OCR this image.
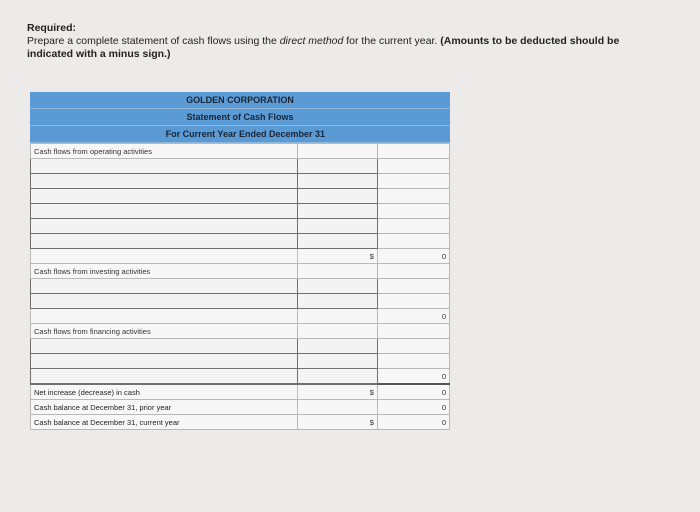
Required:
Prepare a complete statement of cash flows using the direct method for the current year. (Amounts to be deducted should be
indicated with a minus sign.)
GOLDEN CORPORATION
Statement of Cash Flows
For Current Year Ended December 31
Cash flows from operating activities		

	$	0
Cash flows from investing activities		

		0
Cash flows from financing activities		

		0
Net increase (decrease) in cash	$	0
Cash balance at December 31, prior year		0
Cash balance at December 31, current year	$	0
